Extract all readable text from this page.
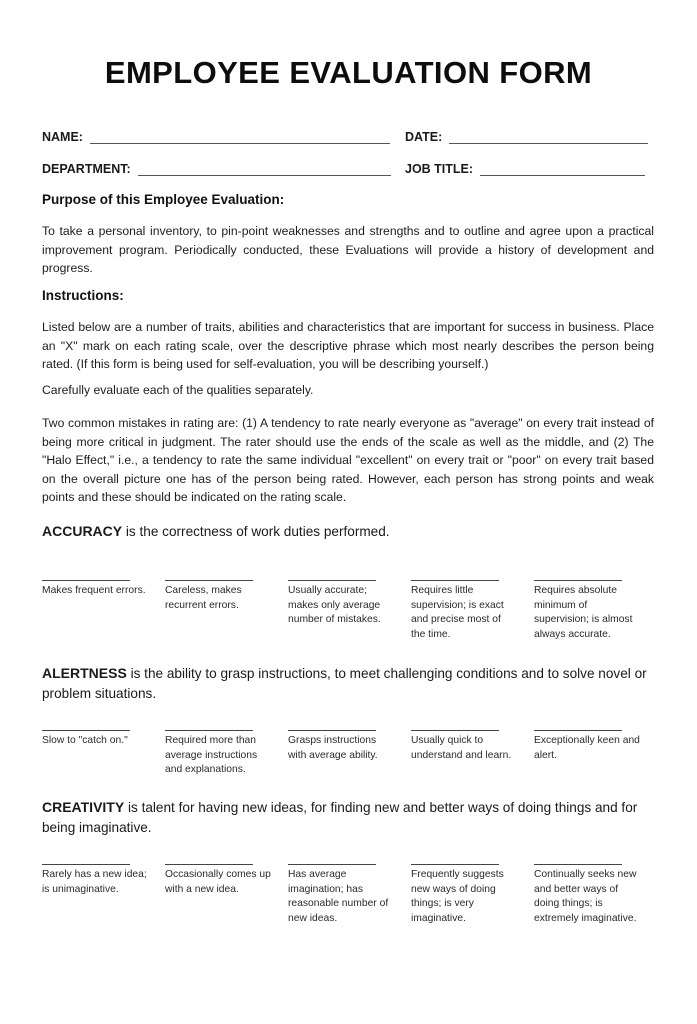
EMPLOYEE EVALUATION FORM
NAME:	DATE:
DEPARTMENT:	JOB TITLE:
Purpose of this Employee Evaluation:
To take a personal inventory, to pin-point weaknesses and strengths and to outline and agree upon a practical improvement program. Periodically conducted, these Evaluations will provide a history of development and progress.
Instructions:
Listed below are a number of traits, abilities and characteristics that are important for success in business. Place an "X" mark on each rating scale, over the descriptive phrase which most nearly describes the person being rated. (If this form is being used for self-evaluation, you will be describing yourself.)
Carefully evaluate each of the qualities separately.
Two common mistakes in rating are: (1) A tendency to rate nearly everyone as "average" on every trait instead of being more critical in judgment. The rater should use the ends of the scale as well as the middle, and (2) The "Halo Effect," i.e., a tendency to rate the same individual "excellent" on every trait or "poor" on every trait based on the overall picture one has of the person being rated. However, each person has strong points and weak points and these should be indicated on the rating scale.
ACCURACY is the correctness of work duties performed.
Makes frequent errors. Careless, makes recurrent errors.
Usually accurate; makes only average number of mistakes.
Requires little supervision; is exact and precise most of the time.
Requires absolute minimum of supervision; is almost always accurate.
ALERTNESS is the ability to grasp instructions, to meet challenging conditions and to solve novel or problem situations.
Slow to "catch on."	Required more than average instructions and explanations.
Grasps instructions with average ability.
Usually quick to understand and learn.
Exceptionally keen and alert.
CREATIVITY is talent for having new ideas, for finding new and better ways of doing things and for being imaginative.
Rarely has a new idea; is unimaginative.
Occasionally comes up with a new idea.
Has average imagination; has reasonable number of new ideas.
Frequently suggests new ways of doing things; is very imaginative.
Continually seeks new and better ways of doing things; is extremely imaginative.
